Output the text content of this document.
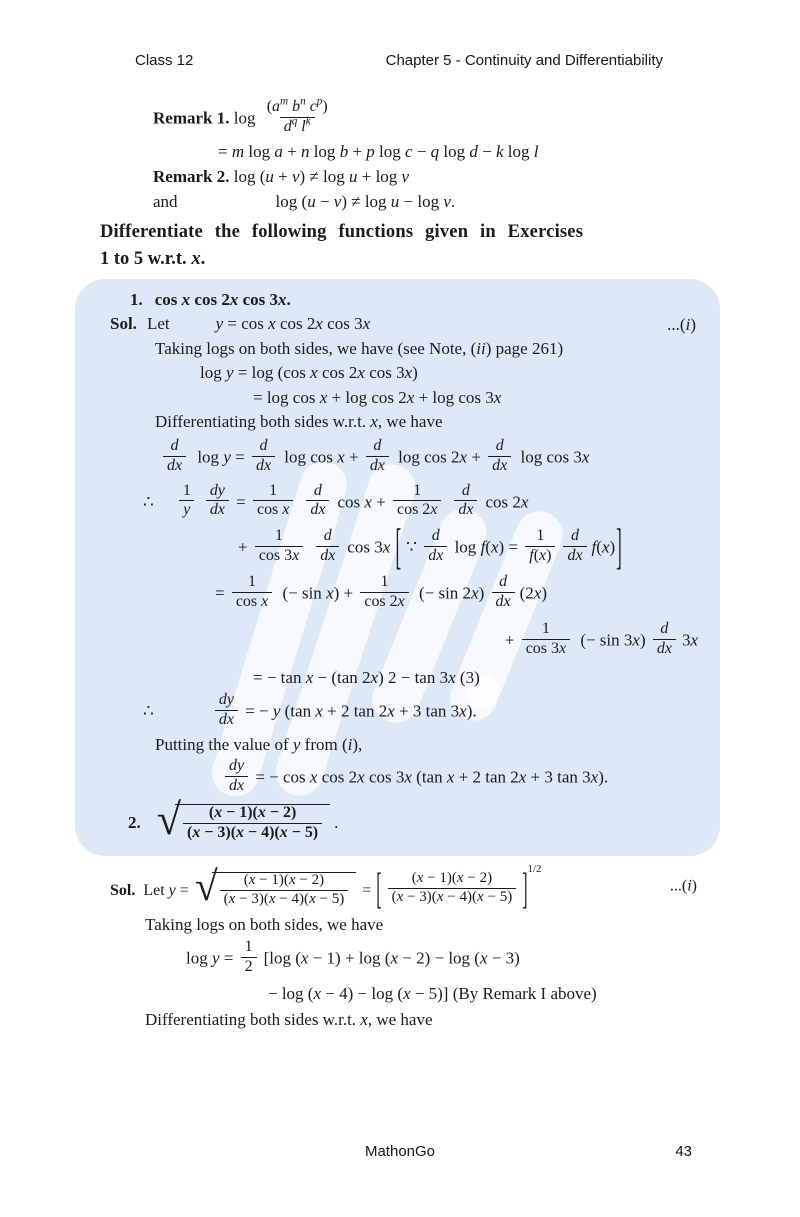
Class 12	Chapter 5 - Continuity and Differentiability
Remark 1. $\log \frac{(a^m b^n c^p)}{d^q l^k}$
= m log a + n log b + p log c − q log d − k log l
Remark 2. log (u + v) ≠ log u + log v
and	log (u − v) ≠ log u − log v.
Differentiate the following functions given in Exercises
1 to 5 w.r.t. x.
1. cos x cos 2x cos 3x.
Sol. Let	y = cos x cos 2x cos 3x	...(i)
Taking logs on both sides, we have (see Note, (ii) page 261)
log y = log (cos x cos 2x cos 3x)
= log cos x + log cos 2x + log cos 3x
Differentiating both sides w.r.t. x, we have
$\frac{d}{dx}$ $\log y = \frac{d}{dx}$ $\log \cos x + \frac{d}{dx}$ $\log \cos 2x + \frac{d}{dx}$ log cos 3x
∴ $\frac{1}{y} \frac{dy}{dx} = \frac{1}{\text{cos x}} \frac{d}{dx}$ $\cos x + \frac{1}{\cos 2x} \frac{d}{dx}$ cos 2x
+ $\frac{1}{\cos 3x} \frac{d}{dx}$ cos 3x [ ∵ $\frac{d}{dx}$ $\log f(x) = \frac{1}{f(x)} \frac{d}{dx} f(x)$]
= $\frac{1}{\text{cos x}}$ (− $\sin x) + \frac{1}{\cos 2x}$ (− $\sin 2x) \frac{d}{dx} (2x)$
+ $\frac{1}{\cos 3x}$ (− $\sin 3x) \frac{d}{dx} 3x$
= − tan x − (tan 2x) 2 − tan 3x (3)
∴	$\frac{dy}{dx}$ = − y (tan x + 2 tan 2x + 3 tan 3x).
Putting the value of y from (i),
$\frac{dy}{dx}$ = − cos x cos 2x cos 3x (tan x + 2 tan 2x + 3 tan 3x).
2. √ $\frac{(x - 1)(x - 2)}{(x - 3)(x - 4)(x - 5)}$ .
Sol. Let y = √ $\frac{(x - 1)(x - 2)}{(x - 3)(x - 4)(x - 5)}$ = [ $\frac{(x - 1)(x - 2)}{(x - 3)(x - 4)(x - 5)} ]^{1/2}$
...(i)
Taking logs on both sides, we have
$\log y = \frac{1}{2} [\log$ (x − 1) + log (x − 2) − log (x − 3)
− log (x − 4) − log (x − 5)] (By Remark I above)
Differentiating both sides w.r.t. x, we have
MathonGo	43
